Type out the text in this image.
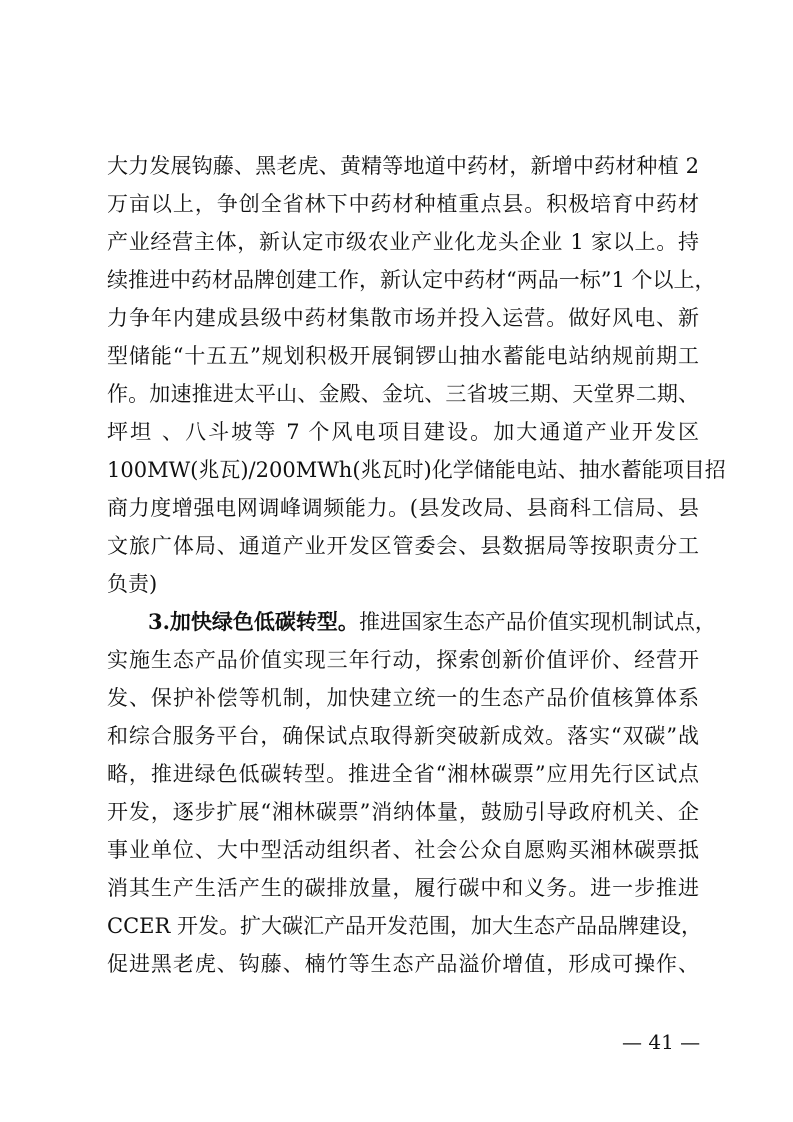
大力发展钩藤、黑老虎、黄精等地道中药材，新增中药材种植 2
万亩以上，争创全省林下中药材种植重点县。积极培育中药材
产业经营主体，新认定市级农业产业化龙头企业 1 家以上。持
续推进中药材品牌创建工作，新认定中药材“两品一标”1 个以上，
力争年内建成县级中药材集散市场并投入运营。做好风电、新
型储能“十五五”规划积极开展铜锣山抽水蓄能电站纳规前期工
作。加速推进太平山、金殿、金坑、三省坡三期、天堂界二期、
坪坦 、八斗坡等 7 个风电项目建设。加大通道产业开发区
100MW(兆瓦)/200MWh(兆瓦时)化学储能电站、抽水蓄能项目招
商力度增强电网调峰调频能力。(县发改局、县商科工信局、县
文旅广体局、通道产业开发区管委会、县数据局等按职责分工
负责)
3.加快绿色低碳转型。推进国家生态产品价值实现机制试点，
实施生态产品价值实现三年行动，探索创新价值评价、经营开
发、保护补偿等机制，加快建立统一的生态产品价值核算体系
和综合服务平台，确保试点取得新突破新成效。落实“双碳”战
略，推进绿色低碳转型。推进全省“湘林碳票”应用先行区试点
开发，逐步扩展“湘林碳票”消纳体量，鼓励引导政府机关、企
事业单位、大中型活动组织者、社会公众自愿购买湘林碳票抵
消其生产生活产生的碳排放量，履行碳中和义务。进一步推进
CCER 开发。扩大碳汇产品开发范围，加大生态产品品牌建设，
促进黑老虎、钩藤、楠竹等生态产品溢价增值，形成可操作、
— 41 —
